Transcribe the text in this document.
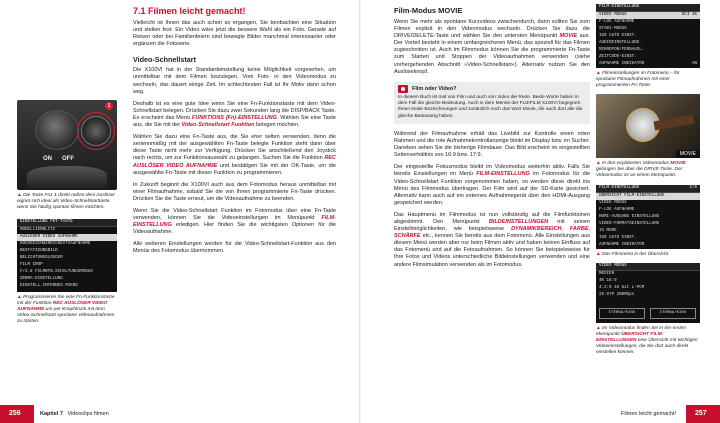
1
ON OFF
▲ Die Taste Fn1 1 direkt neben dem Auslöser eignet sich ideal als Video-Schnellstarttaste, wenn Sie häufig spontan filmen möchten.
EINSTELLUNG FKT-TASTE
MODELLIERBLITZ
AUSLÖSER VIDEO AUFNAHME
HOCHGESCHWINDIGKEITSAUFNAHME
BESTÄTIGUNGBILD
BELICHTUNGSLOGGER
FILM CROP
F/2.8 FILMBTN.SCHALTUNGSMODUS
ZEBRA-EINSTELLUNG
EINSTELL.INTERNES MIKRO
▲ Programmieren Sie eine Fn-Funktionstaste mit der Funktion REC AUSLÖSER VIDEO AUFNAHME um per Knopfdruck mit dem Video-Schnellstart spontane Videoaufnahmen zu starten.
7.1 Filmen leicht gemacht!

Vielleicht ist Ihnen das auch schon so ergangen, Sie beobachten eine Situation und stellen fest: Ein Video wäre jetzt die bessere Wahl als ein Foto. Gerade auf Reisen oder bei Familienfeiern sind bewegte Bilder manchmal interessanter oder ergänzen die Fotoserie.

Video-Schnellstart

Die X100VI hat in der Standardeinstellung keine Möglichkeit vorgesehen, um unmittelbar mit dem Filmen loszulegen. Vom Foto- in den Videomodus zu wechseln, das dauert einige Zeit. Im schlechtesten Fall ist Ihr Motiv dann schon weg.

Deshalb ist es eine gute Idee wenn Sie eine Fn-Funktionstaste mit dem Video-Schnellstart belegen. Drücken Sie dazu zwei Sekunden lang die DISP/BACK Taste. Es erscheint das Menü FUNKTIONS (Fn)-EINSTELLUNG. Wählen Sie eine Taste aus, die Sie mit der Video-Schnellstart Funktion belegen möchten.

Wählen Sie dazu eine Fn-Taste aus, die Sie eher selten verwenden, denn die seriennmäßig mit der ausgewählten Fn-Taste belegte Funktion steht dann über diese Taste nicht mehr zur Verfügung. Drücken Sie anschließend den Joystick nach rechts, um zur Funktionsauswahl zu gelangen. Suchen Sie die Funktion REC AUSLÖSER VIDEO AUFNAHME und bestätigen Sie mit der OK-Taste, um die ausgewählte Fn-Taste mit dieser Funktion zu programmieren.

In Zukunft beginnt die X100VI auch aus dem Fotomodus heraus unmittelbar mit einer Filmaufnahme, sobald Sie die von Ihnen programmierte Fn-Taste drücken. Drücken Sie die Taste erneut, um die Videoaufnahme zu beenden.

Wenn Sie die Video-Schnellstart Funktion im Fotomodus über eine Fn-Taste verwenden, können Sie die Videoeinstellungen im Menüpunkt FILM-EINSTELLUNG erledigen. Hier finden Sie die wichtigsten Optionen für die Videoaufnahme.

Alle weiteren Einstellungen werden für die Video-Schnellstart-Funktion aus den Menüs des Fotomodus übernommen.

256	Kapitel 7 Videoclips filmen
Film-Modus MOVIE

Wenn Sie mehr als spontane Kurzvideos zwischendurch, dann sollten Sie zum Filmen explizit in den Videomodus wechseln. Drücken Sie dazu die DRIVE/DELETE-Taste und wählen Sie den untersten Menüpunkt MOVIE aus. Der Vorteil besteht in einem umfangreicheren Menü, das speziell für das Filmen zugeschnitten ist. Auch im Filmmodus können Sie die programmierte Fn-Taste zum Starten und Stoppen der Videoaufnahmen verwenden (siehe vorhergehenden Abschnitt »Video-Schnellstart«). Alternativ nutzen Sie den Auslöseknopf.

Film oder Video?
In diesem Buch ist mal von Film und auch von Video die Rede. Beide Worte haben in dem Fall die gleiche Bedeutung. Auch in dem Menüs der FUJIFILM X100VI begegnen Ihnen beide Bezeichnungen und zusätzlich noch das Wort Movie, die auch dort alle die gleiche Bedeutung haben.

Während der Filmaufnahme erhält das Livebild zur Kontrolle einen roten Rahmen und die rote Aufnahmekontrollanzeige blinkt im Display bzw. im Sucher. Daneben sehen Sie die bisherige Filmdauer. Das Bild erscheint im eingestellten Seitenverhältnis von 16:9 bzw. 17:9.

Der eingestellte Fokusmodus bleibt im Videomodus weiterhin aktiv. Falls Sie bereits Einstellungen im Menü FILM-EINSTELLUNG im Fotomodus für die Video-Schnellstart Funktion vorgenommen haben, so werden diese direkt ins Menü des Filmmodus übertragen. Der Film wird auf der SD-Karte gesichert. Alternativ kann auch auf ein externes Aufnahmegerät über den HDMI-Ausgang gespeichert werden.

Das Hauptmenü im Filmmodus ist nun vollständig auf die Filmfunktionen abgestimmt. Den Menüpunkt BILDEINSTELLUNGEN mit seinen Einstellmöglichkeiten, wie beispielsweise DYNAMIKBEREICH, FARBE, SCHÄRFE etc., kennen Sie bereits aus dem Fotomenü. Alle Einstellungen aus diesem Menü werden aber nur beim Filmen aktiv und haben keinen Einfluss auf das Fotomenü und auf die Fotoaufnahmen. So können Sie beispielsweise für Ihre Fotos und Videos unterschiedliche Bildeinstellungen verwenden und eine andere Filmsimulation verwenden als im Fotomodus.

FILM-EINSTELLUNG
VIDEO MODUS	DCI 4K
F-LOG AUFNAHME
STABI-MODUS
ISO AUTO EINST.
AUDIOEINSTELLUNG
MIKROFON/FERNAUSL.
ZEITCODE-EINST.
AUFNAHME INDIKATOR	AN
▲ Filmeinstellungen im Fotomenü – für spontane Filmaufnahmen mit einer programmierten Fn-Taste.
MOVIE
▲ In den explizierten Videomodus MOVIE gelangen Sie über die DRIVE-Taste. Der Videomodus ist an einem Menüpunkt.
FILM-EINSTELLUNG	1/6
ÜBERSICHT FILM-EINSTELLUNG
VIDEO MODUS
F-LOG AUFNAHME
HDMI-AUSGABE EINSTELLUNG
VIDEO-FORMATSEINSTELLUNG
IS MODE
ISO AUTO EINST.
AUFNAHME INDIKATOR
▲ Das Filmmenü in der Übersicht.
VIDEO MODUS
MEDIEN
4K 16:9
4:2:0 10 bit L-PCM
29.97P 200Mbps
ETERNA/KINO	ETERNA/KINO
▲ Im Videomodus finden Sie in der ersten Menüpunkt ÜBERSICHT FILM-EINSTELLUNGEN eine Übersicht mit wichtigen Videoeinstellungen, die Sie dort auch direkt einstellen können.
Filmen leicht gemacht!	257
